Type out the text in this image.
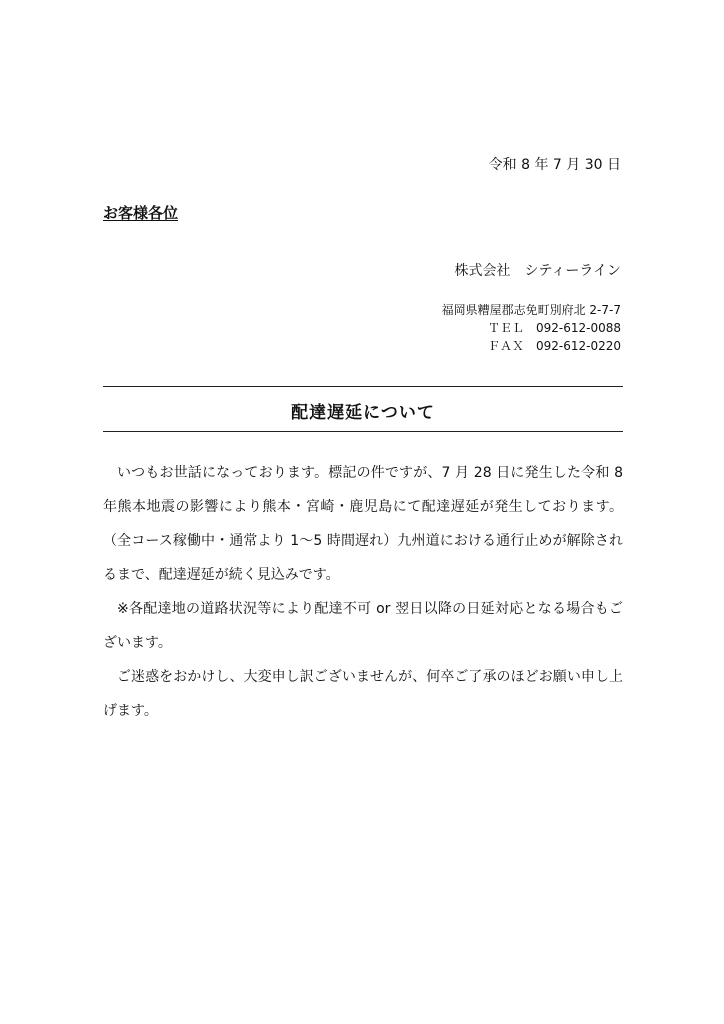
令和 8 年 7 月 30 日
お客様各位
株式会社　シティーライン
福岡県糟屋郡志免町別府北 2-7-7
ＴＥＬ　092-612-0088
ＦＡＸ　092-612-0220
配達遅延について

いつもお世話になっております。標記の件ですが、7 月 28 日に発生した令和 8 年熊本地震の影響により熊本・宮崎・鹿児島にて配達遅延が発生しております。（全コース稼働中・通常より 1～5 時間遅れ）九州道における通行止めが解除されるまで、配達遅延が続く見込みです。

※各配達地の道路状況等により配達不可 or 翌日以降の日延対応となる場合もございます。

ご迷惑をおかけし、大変申し訳ございませんが、何卒ご了承のほどお願い申し上げます。
